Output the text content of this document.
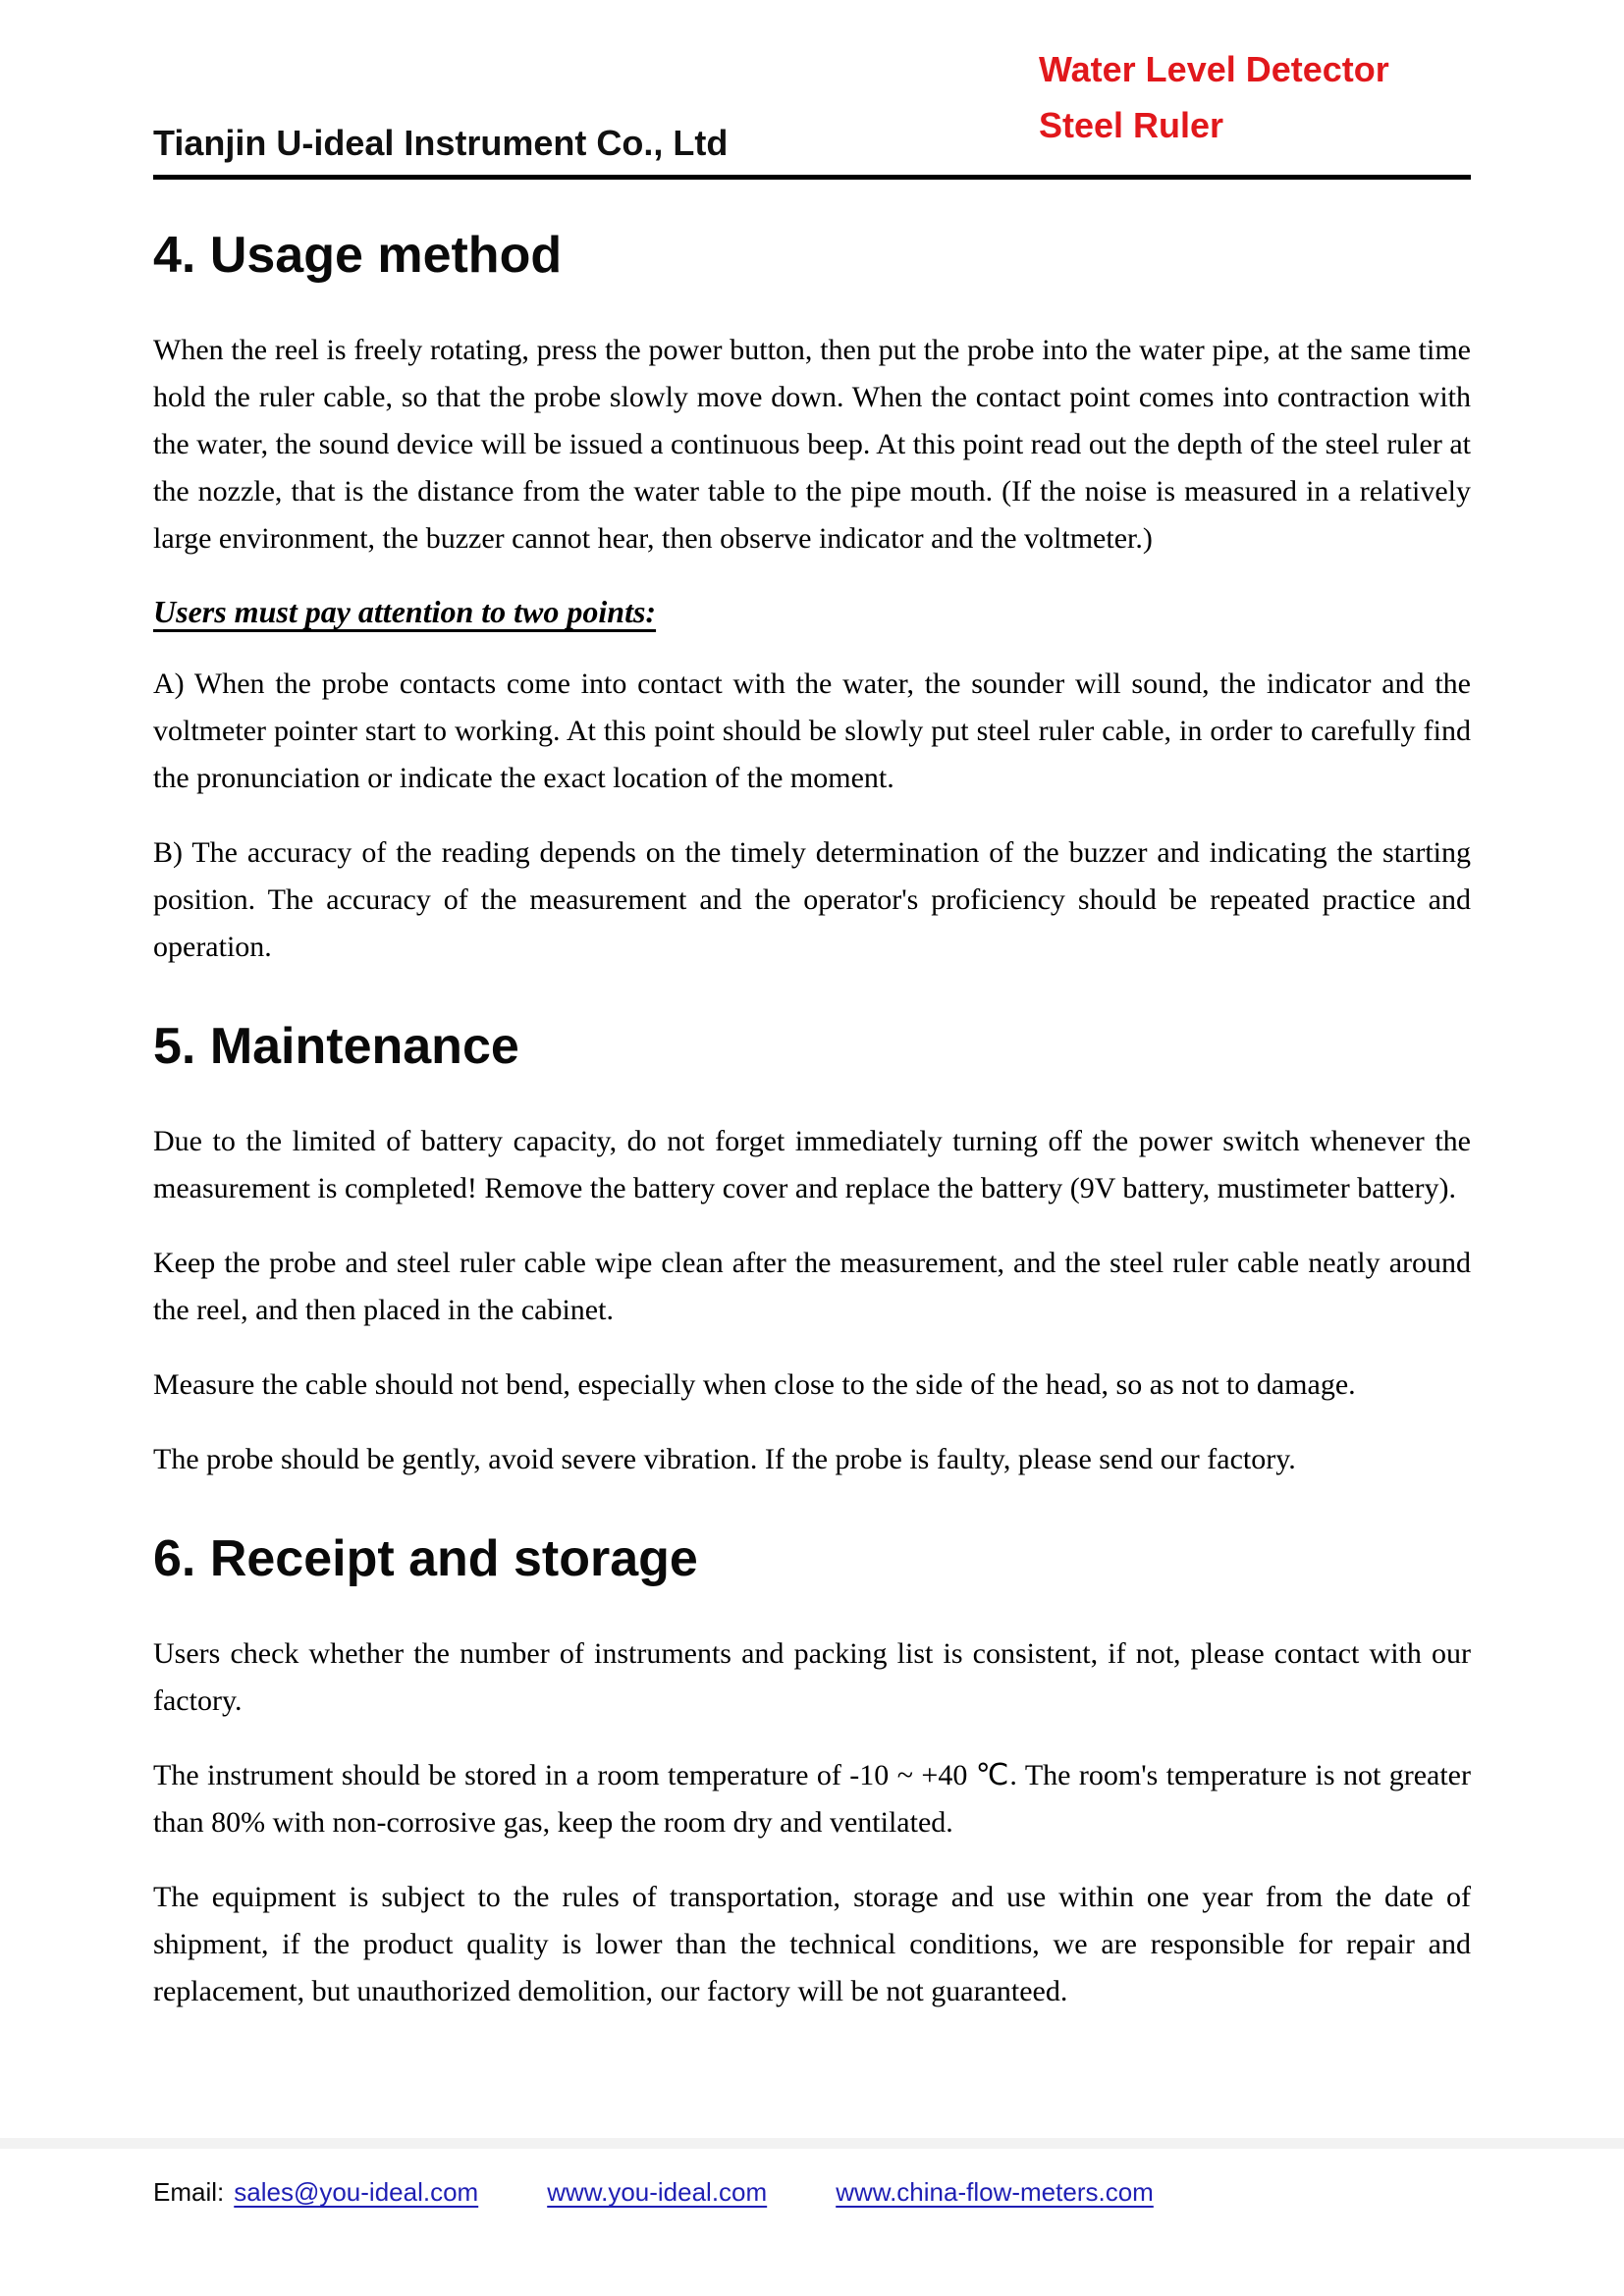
Tianjin U-ideal Instrument Co., Ltd
Water Level Detector
Steel Ruler
4. Usage method

When the reel is freely rotating, press the power button, then put the probe into the water pipe, at the same time hold the ruler cable, so that the probe slowly move down. When the contact point comes into contraction with the water, the sound device will be issued a continuous beep. At this point read out the depth of the steel ruler at the nozzle, that is the distance from the water table to the pipe mouth. (If the noise is measured in a relatively large environment, the buzzer cannot hear, then observe indicator and the voltmeter.)

Users must pay attention to two points:

A) When the probe contacts come into contact with the water, the sounder will sound, the indicator and the voltmeter pointer start to working. At this point should be slowly put steel ruler cable, in order to carefully find the pronunciation or indicate the exact location of the moment.

B) The accuracy of the reading depends on the timely determination of the buzzer and indicating the starting position. The accuracy of the measurement and the operator's proficiency should be repeated practice and operation.

5. Maintenance

Due to the limited of battery capacity, do not forget immediately turning off the power switch whenever the measurement is completed! Remove the battery cover and replace the battery (9V battery, mustimeter battery).

Keep the probe and steel ruler cable wipe clean after the measurement, and the steel ruler cable neatly around the reel, and then placed in the cabinet.

Measure the cable should not bend, especially when close to the side of the head, so as not to damage.

The probe should be gently, avoid severe vibration. If the probe is faulty, please send our factory.

6. Receipt and storage

Users check whether the number of instruments and packing list is consistent, if not, please contact with our factory.

The instrument should be stored in a room temperature of -10 ~ +40 ℃. The room's temperature is not greater than 80% with non-corrosive gas, keep the room dry and ventilated.

The equipment is subject to the rules of transportation, storage and use within one year from the date of shipment, if the product quality is lower than the technical conditions, we are responsible for repair and replacement, but unauthorized demolition, our factory will be not guaranteed.

Email: sales@you-ideal.com	www.you-ideal.com	www.china-flow-meters.com
